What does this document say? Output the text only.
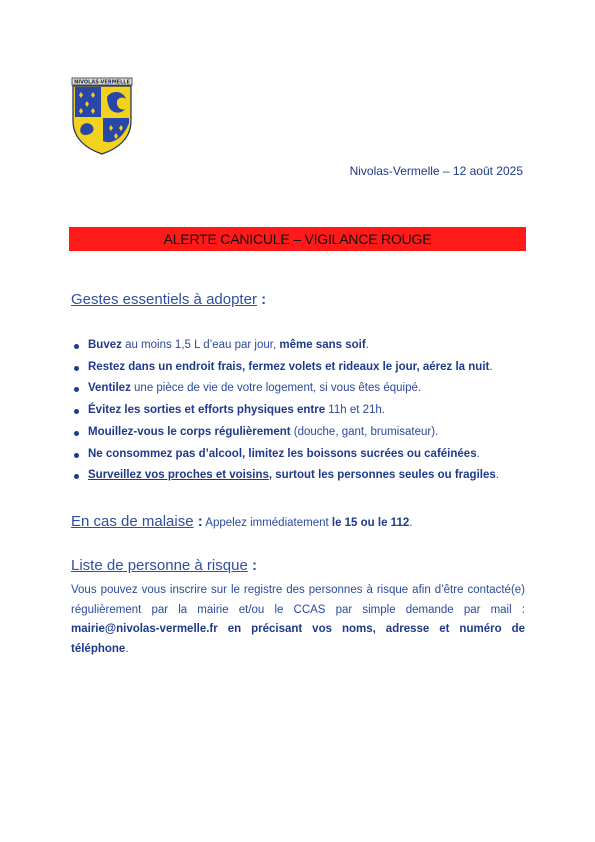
NIVOLAS-VERMELLE
Nivolas-Vermelle – 12 août 2025
ALERTE CANICULE – VIGILANCE ROUGE
Gestes essentiels à adopter :
Buvez au moins 1,5 L d’eau par jour, même sans soif.
Restez dans un endroit frais, fermez volets et rideaux le jour, aérez la nuit.
Ventilez une pièce de vie de votre logement, si vous êtes équipé.
Évitez les sorties et efforts physiques entre 11h et 21h.
Mouillez-vous le corps régulièrement (douche, gant, brumisateur).
Ne consommez pas d’alcool, limitez les boissons sucrées ou caféinées.
Surveillez vos proches et voisins, surtout les personnes seules ou fragiles.
En cas de malaise : Appelez immédiatement le 15 ou le 112.
Liste de personne à risque :

Vous pouvez vous inscrire sur le registre des personnes à risque afin d’être contacté(e) régulièrement par la mairie et/ou le CCAS par simple demande par mail : mairie@nivolas-vermelle.fr en précisant vos noms, adresse et numéro de téléphone.
